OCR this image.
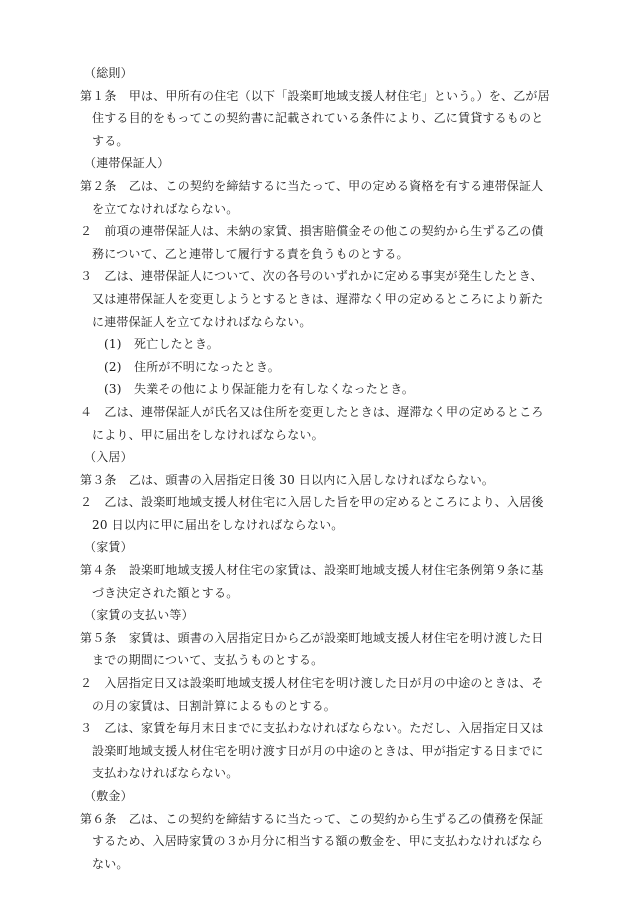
（総則）
第１条　 甲は、甲所有の住宅（以下「設楽町地域支援人材住宅」という。）を、乙が居住する目的をもってこの契約書に記載されている条件により、乙に賃貸するものとする。
（連帯保証人）
第２条　 乙は、この契約を締結するに当たって、甲の定める資格を有する連帯保証人を立てなければならない。
２　 前項の連帯保証人は、未納の家賃、損害賠償金その他この契約から生ずる乙の債務について、乙と連帯して履行する責を負うものとする。
３　 乙は、連帯保証人について、次の各号のいずれかに定める事実が発生したとき、又は連帯保証人を変更しようとするときは、遅滞なく甲の定めるところにより新たに連帯保証人を立てなければならない。
(1) 死亡したとき。
(2) 住所が不明になったとき。
(3) 失業その他により保証能力を有しなくなったとき。
４　 乙は、連帯保証人が氏名又は住所を変更したときは、遅滞なく甲の定めるところにより、甲に届出をしなければならない。
（入居）
第３条　 乙は、頭書の入居指定日後 30 日以内に入居しなければならない。
２　 乙は、設楽町地域支援人材住宅に入居した旨を甲の定めるところにより、入居後 20 日以内に甲に届出をしなければならない。
（家賃）
第４条　 設楽町地域支援人材住宅の家賃は、設楽町地域支援人材住宅条例第９条に基づき決定された額とする。
（家賃の支払い等）
第５条　 家賃は、頭書の入居指定日から乙が設楽町地域支援人材住宅を明け渡した日までの期間について、支払うものとする。
２　 入居指定日又は設楽町地域支援人材住宅を明け渡した日が月の中途のときは、その月の家賃は、日割計算によるものとする。
３　 乙は、家賃を毎月末日までに支払わなければならない。ただし、入居指定日又は設楽町地域支援人材住宅を明け渡す日が月の中途のときは、甲が指定する日までに支払わなければならない。
（敷金）
第６条　 乙は、この契約を締結するに当たって、この契約から生ずる乙の債務を保証するため、入居時家賃の３か月分に相当する額の敷金を、甲に支払わなければならない。
